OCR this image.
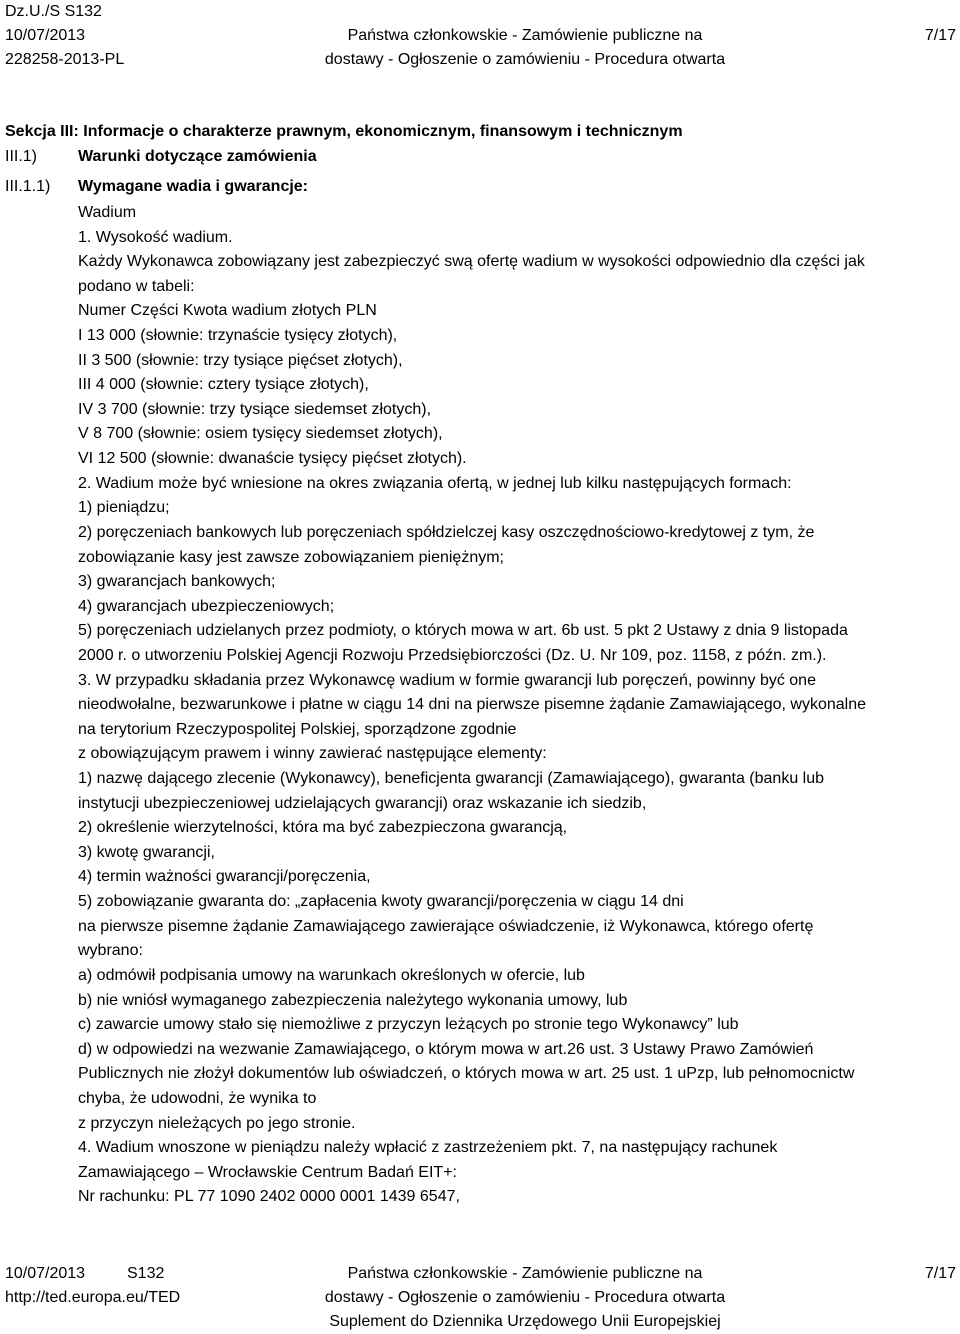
Dz.U./S S132
10/07/2013
228258-2013-PL
Państwa członkowskie - Zamówienie publiczne na
dostawy - Ogłoszenie o zamówieniu - Procedura otwarta
7/17
Sekcja III: Informacje o charakterze prawnym, ekonomicznym, finansowym i technicznym
III.1)	Warunki dotyczące zamówienia
III.1.1) Wymagane wadia i gwarancje:
Wadium
1. Wysokość wadium.
Każdy Wykonawca zobowiązany jest zabezpieczyć swą ofertę wadium w wysokości odpowiednio dla części jak
podano w tabeli:
Numer Części Kwota wadium złotych PLN
I 13 000 (słownie: trzynaście tysięcy złotych),
II 3 500 (słownie: trzy tysiące pięćset złotych),
III 4 000 (słownie: cztery tysiące złotych),
IV 3 700 (słownie: trzy tysiące siedemset złotych),
V 8 700 (słownie: osiem tysięcy siedemset złotych),
VI 12 500 (słownie: dwanaście tysięcy pięćset złotych).
2. Wadium może być wniesione na okres związania ofertą, w jednej lub kilku następujących formach:
1) pieniądzu;
2) poręczeniach bankowych lub poręczeniach spółdzielczej kasy oszczędnościowo-kredytowej z tym, że
zobowiązanie kasy jest zawsze zobowiązaniem pieniężnym;
3) gwarancjach bankowych;
4) gwarancjach ubezpieczeniowych;
5) poręczeniach udzielanych przez podmioty, o których mowa w art. 6b ust. 5 pkt 2 Ustawy z dnia 9 listopada
2000 r. o utworzeniu Polskiej Agencji Rozwoju Przedsiębiorczości (Dz. U. Nr 109, poz. 1158, z późn. zm.).
3. W przypadku składania przez Wykonawcę wadium w formie gwarancji lub poręczeń, powinny być one
nieodwołalne, bezwarunkowe i płatne w ciągu 14 dni na pierwsze pisemne żądanie Zamawiającego, wykonalne
na terytorium Rzeczypospolitej Polskiej, sporządzone zgodnie
z obowiązującym prawem i winny zawierać następujące elementy:
1) nazwę dającego zlecenie (Wykonawcy), beneficjenta gwarancji (Zamawiającego), gwaranta (banku lub
instytucji ubezpieczeniowej udzielających gwarancji) oraz wskazanie ich siedzib,
2) określenie wierzytelności, która ma być zabezpieczona gwarancją,
3) kwotę gwarancji,
4) termin ważności gwarancji/poręczenia,
5) zobowiązanie gwaranta do: „zapłacenia kwoty gwarancji/poręczenia w ciągu 14 dni
na pierwsze pisemne żądanie Zamawiającego zawierające oświadczenie, iż Wykonawca, którego ofertę
wybrano:
a) odmówił podpisania umowy na warunkach określonych w ofercie, lub
b) nie wniósł wymaganego zabezpieczenia należytego wykonania umowy, lub
c) zawarcie umowy stało się niemożliwe z przyczyn leżących po stronie tego Wykonawcy” lub
d) w odpowiedzi na wezwanie Zamawiającego, o którym mowa w art.26 ust. 3 Ustawy Prawo Zamówień
Publicznych nie złożył dokumentów lub oświadczeń, o których mowa w art. 25 ust. 1 uPzp, lub pełnomocnictw
chyba, że udowodni, że wynika to
z przyczyn nieleżących po jego stronie.
4. Wadium wnoszone w pieniądzu należy wpłacić z zastrzeżeniem pkt. 7, na następujący rachunek
Zamawiającego – Wrocławskie Centrum Badań EIT+:
Nr rachunku: PL 77 1090 2402 0000 0001 1439 6547,
10/07/2013
http://ted.europa.eu/TED
S132	Państwa członkowskie - Zamówienie publiczne na
dostawy - Ogłoszenie o zamówieniu - Procedura otwarta
Suplement do Dziennika Urzędowego Unii Europejskiej
7/17
